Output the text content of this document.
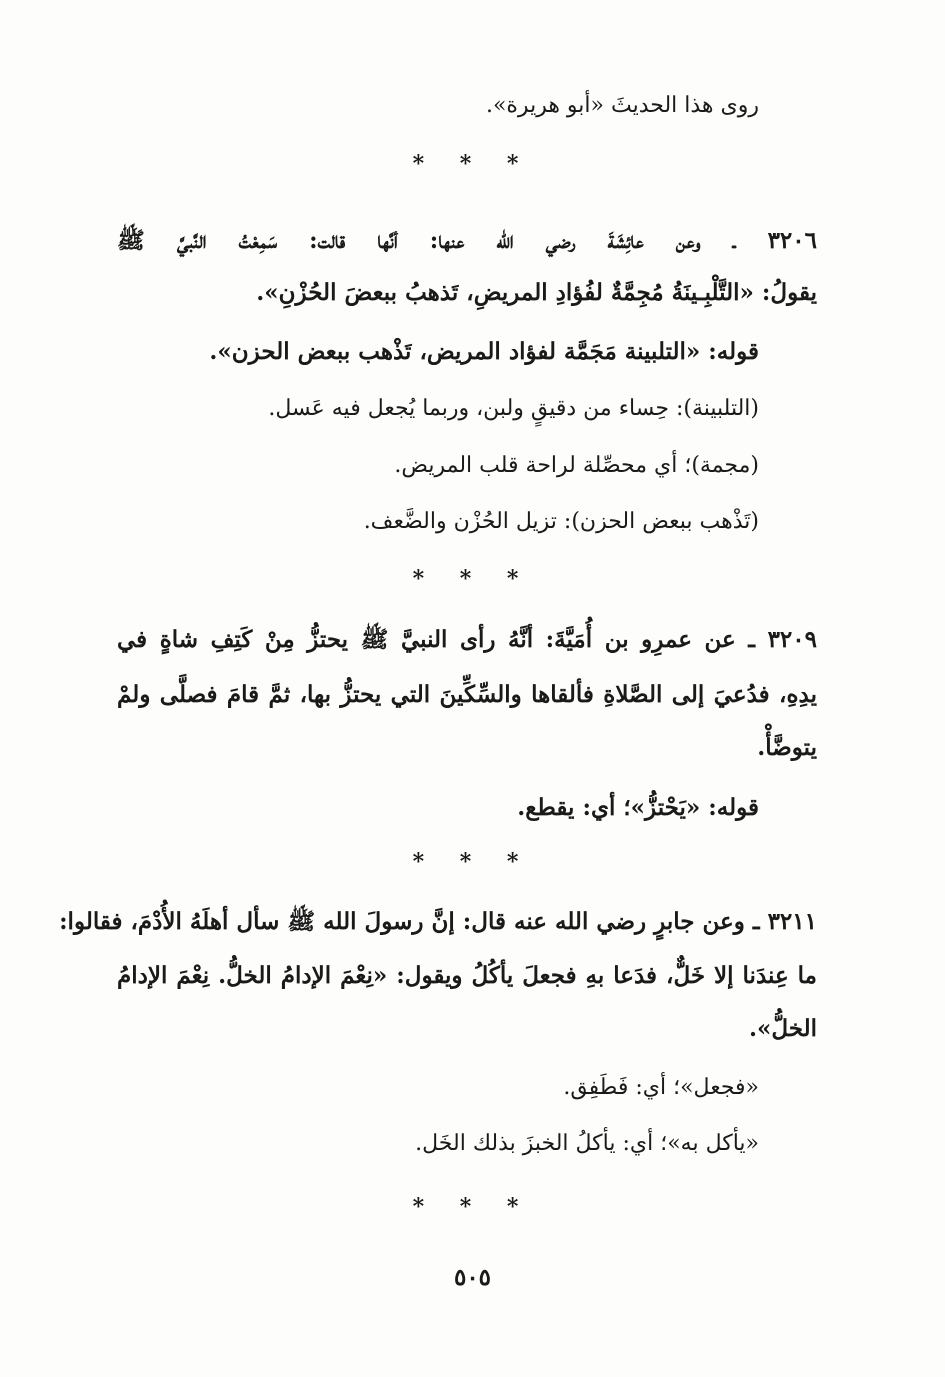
روى هذا الحديثَ «أبو هريرة».
* * *
٣٢٠٦ ـ وعن عائِشَةَ رضي الله عنها: أنَّها قالت: سَمِعْتُ النَّبيَّ ﷺ
يقولُ: «التَّلْبِـينَةُ مُجِمَّةٌ لفُؤادِ المريضِ، تَذهبُ ببعضَ الحُزْنِ».
قوله: «التلبينة مَجَمَّة لفؤاد المريض، تَذْهب ببعض الحزن».
(التلبينة): حِساء من دقيقٍ ولبن، وربما يُجعل فيه عَسل.
(مجمة)؛ أي محصِّلة لراحة قلب المريض.
(تَذْهب ببعض الحزن): تزيل الحُزْن والضَّعف.
* * *
٣٢٠٩ ـ عن عمرِو بن أُمَيَّةَ: أنَّهُ رأى النبيَّ ﷺ يحتزُّ مِنْ كَتِفِ شاةٍ في
يدِهِ، فدُعيَ إلى الصَّلاةِ فألقاها والسِّكِّينَ التي يحتزُّ بها، ثمَّ قامَ فصلَّى ولمْ
يتوضَّأْ.
قوله: «يَحْتزُّ»؛ أي: يقطع.
* * *
٣٢١١ ـ وعن جابرٍ رضي الله عنه قال: إنَّ رسولَ الله ﷺ سأل أهلَهُ الأُدْمَ، فقالوا:
ما عِندَنا إلا خَلٌّ، فدَعا بهِ فجعلَ يأكُلُ ويقول: «نِعْمَ الإدامُ الخلُّ. نِعْمَ الإدامُ
الخلُّ».
«فجعل»؛ أي: فَطَفِق.
«يأكل به»؛ أي: يأكلُ الخبزَ بذلك الخَل.
* * *
٥٠٥
